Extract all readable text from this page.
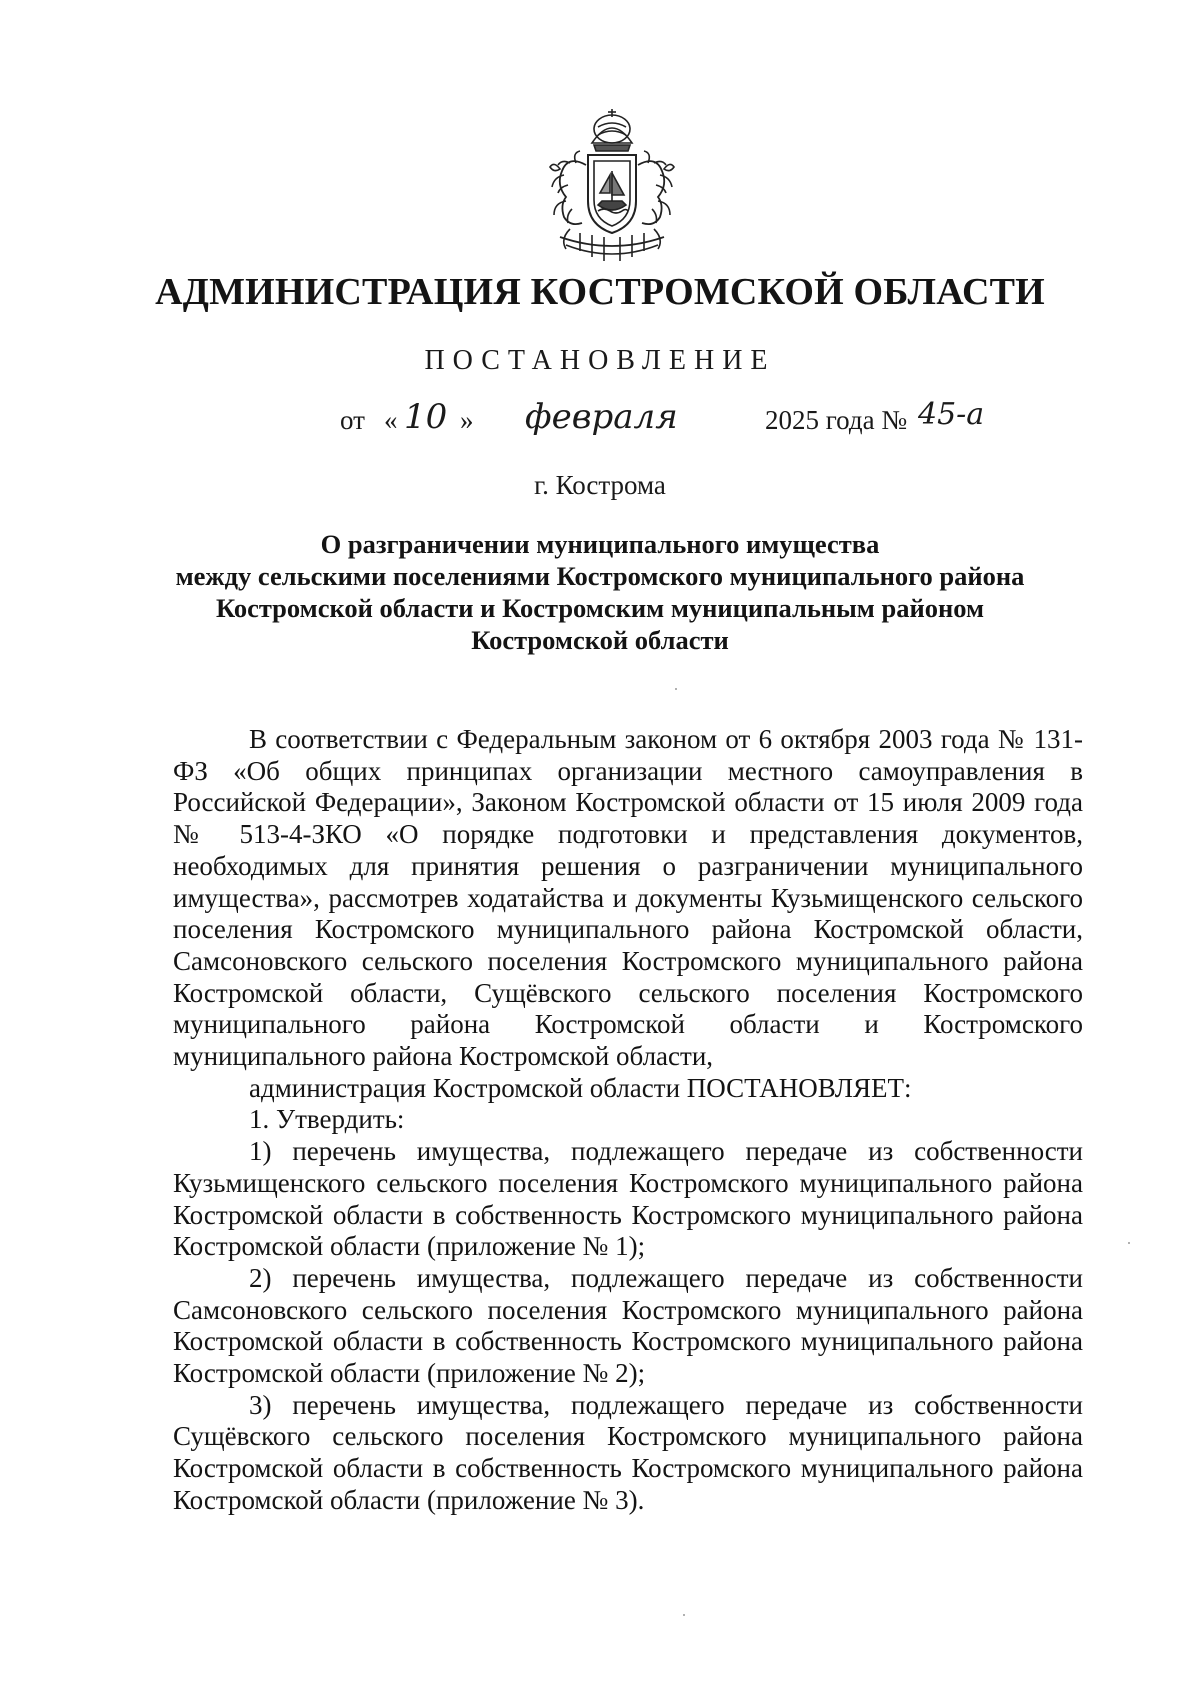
АДМИНИСТРАЦИЯ КОСТРОМСКОЙ ОБЛАСТИ
ПОСТАНОВЛЕНИЕ
от « 10 » февраля	2025 года № 45-а
г. Кострома
О разграничении муниципального имущества
между сельскими поселениями Костромского муниципального района
Костромской области и Костромским муниципальным районом
Костромской области

В соответствии с Федеральным законом от 6 октября 2003 года № 131-ФЗ «Об общих принципах организации местного самоуправления в Российской Федерации», Законом Костромской области от 15 июля 2009 года № 513-4-ЗКО «О порядке подготовки и представления документов, необходимых для принятия решения о разграничении муниципального имущества», рассмотрев ходатайства и документы Кузьмищенского сельского поселения Костромского муниципального района Костромской области, Самсоновского сельского поселения Костромского муниципального района Костромской области, Сущёвского сельского поселения Костромского муниципального района Костромской области и Костромского муниципального района Костромской области,

администрация Костромской области ПОСТАНОВЛЯЕТ:

1. Утвердить:

1) перечень имущества, подлежащего передаче из собственности Кузьмищенского сельского поселения Костромского муниципального района Костромской области в собственность Костромского муниципального района Костромской области (приложение № 1);

2) перечень имущества, подлежащего передаче из собственности Самсоновского сельского поселения Костромского муниципального района Костромской области в собственность Костромского муниципального района Костромской области (приложение № 2);

3) перечень имущества, подлежащего передаче из собственности Сущёвского сельского поселения Костромского муниципального района Костромской области в собственность Костромского муниципального района Костромской области (приложение № 3).
